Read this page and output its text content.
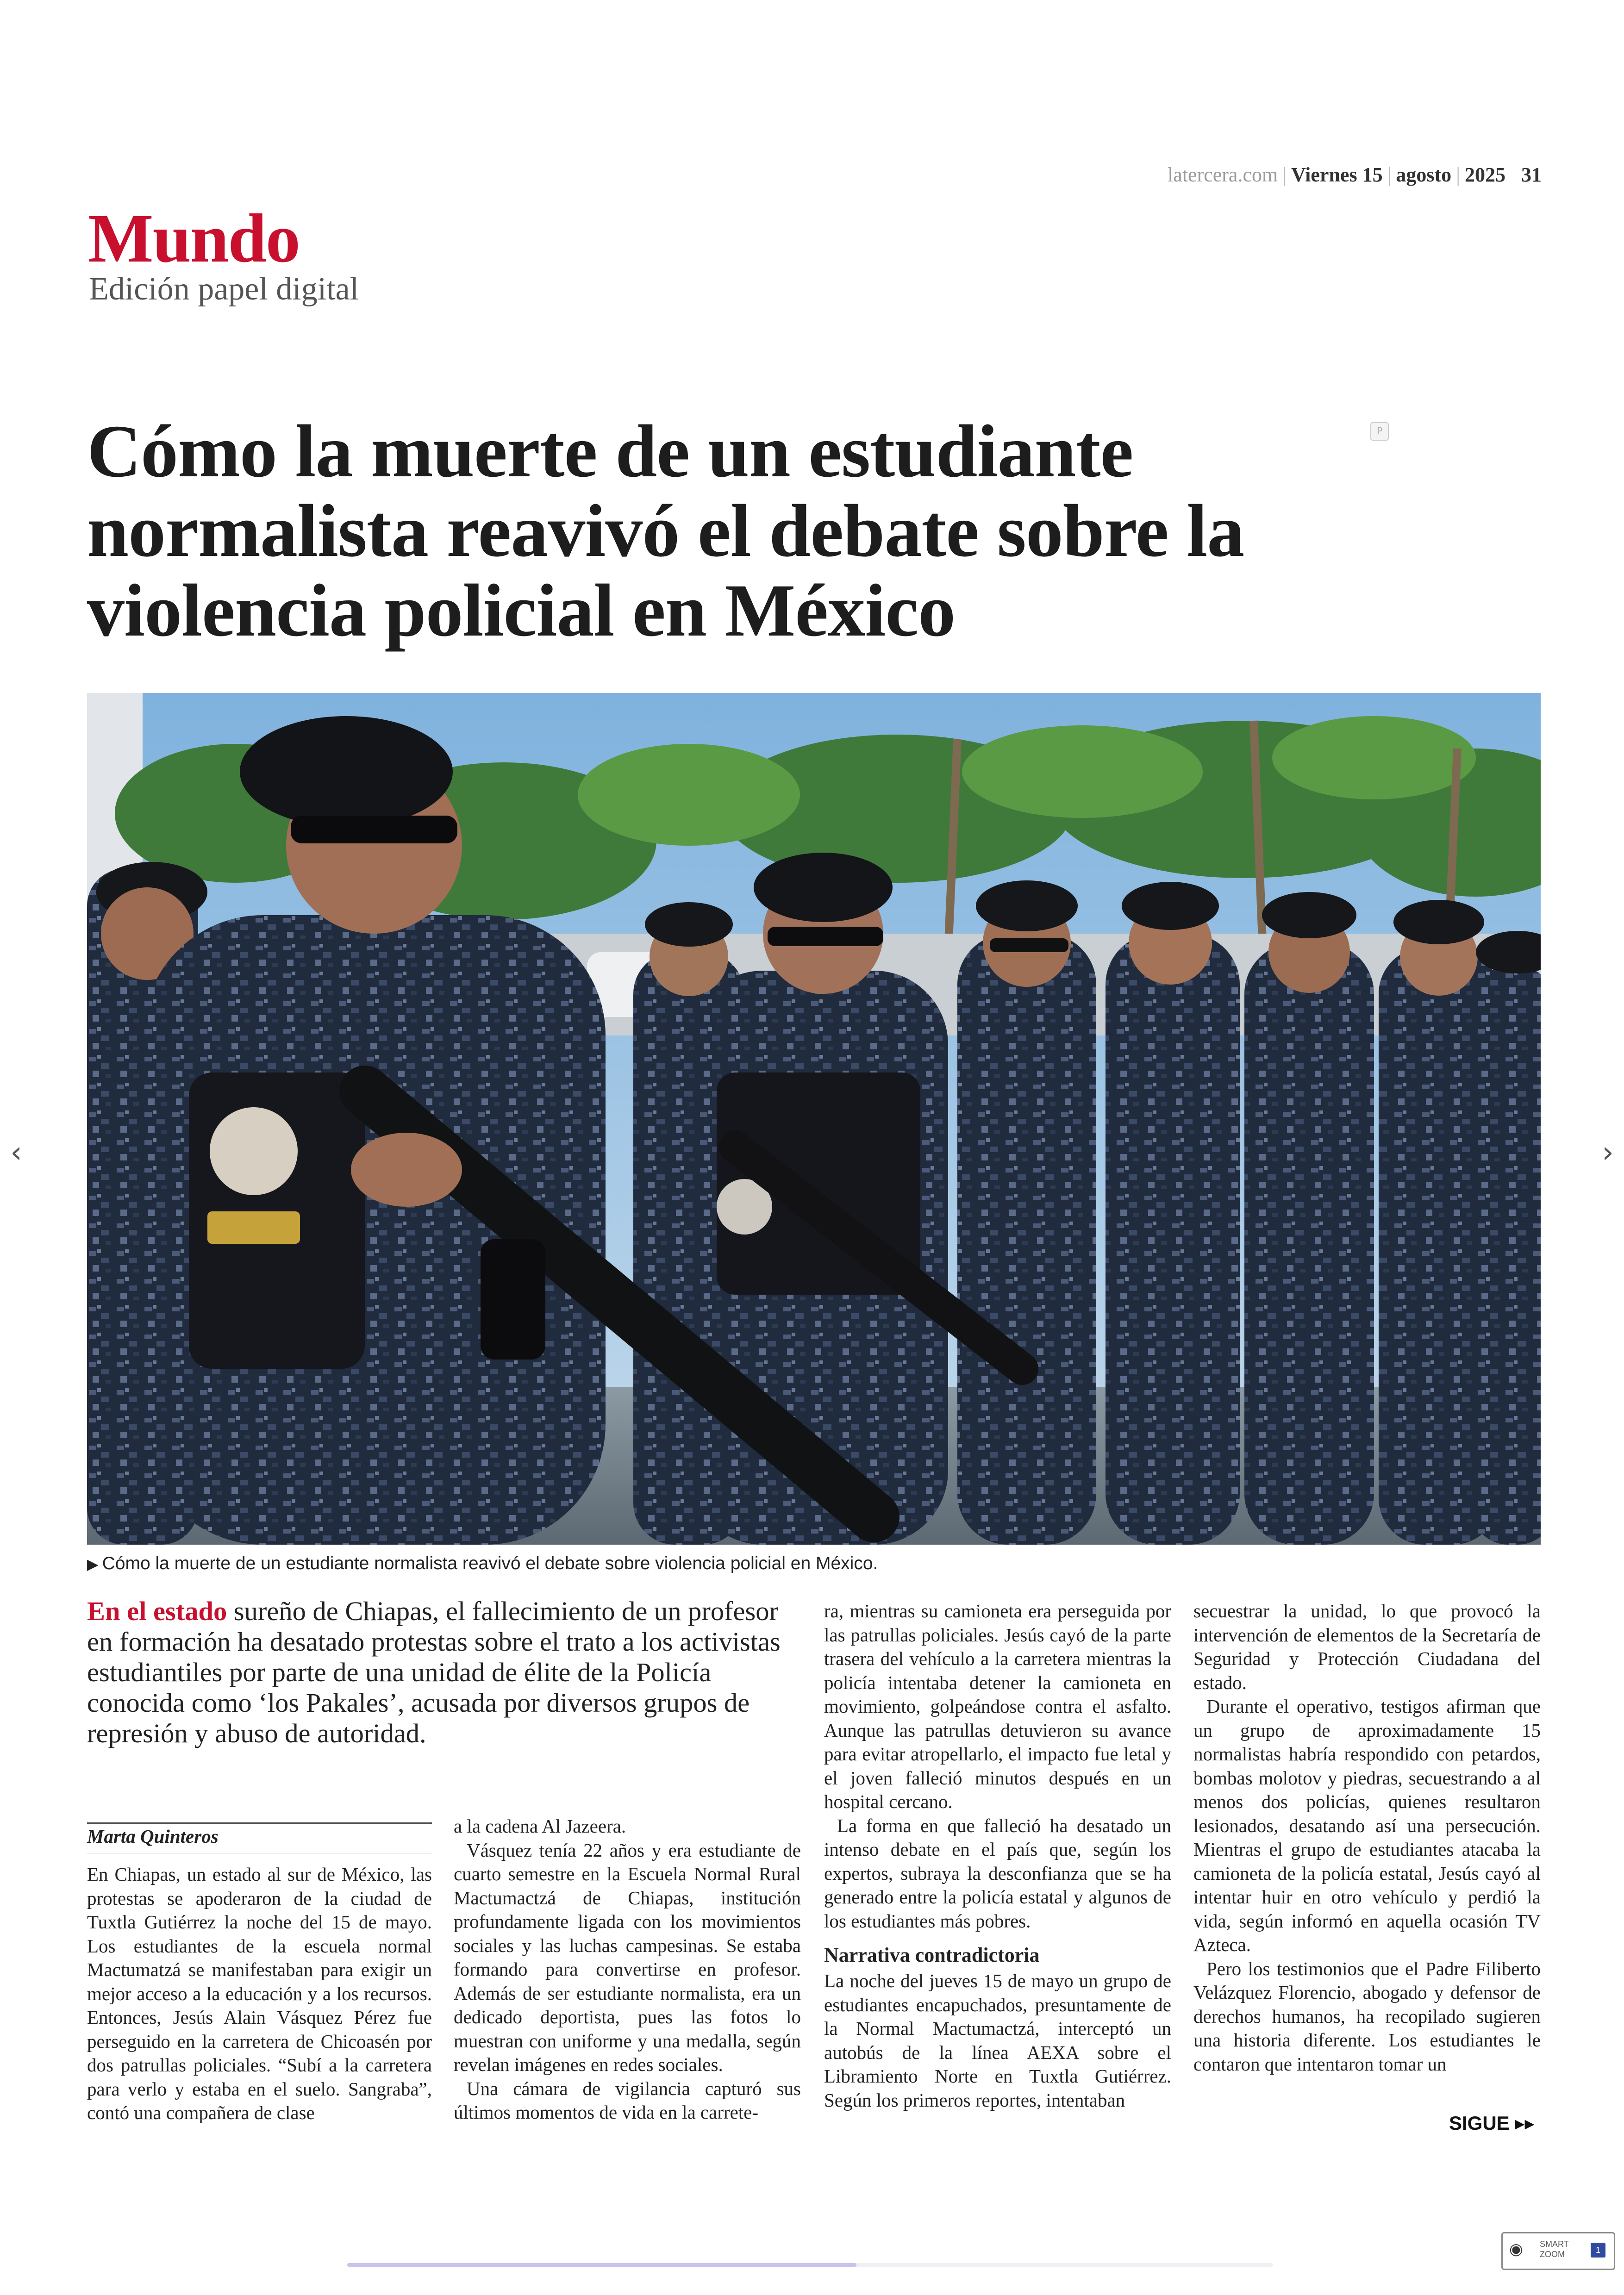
latercera.com | Viernes 15 | agosto | 2025 31
Mundo
Edición papel digital
P
Cómo la muerte de un estudiante normalista reavivó el debate sobre la violencia policial en México
‹	›
▶ Cómo la muerte de un estudiante normalista reavivó el debate sobre violencia policial en México.
En el estado sureño de Chiapas, el fallecimiento de un profesor en formación ha desatado protestas sobre el trato a los activistas estudiantiles por parte de una unidad de élite de la Policía conocida como ‘los Pakales’, acusada por diversos grupos de represión y abuso de autoridad.
Marta Quinteros

En Chiapas, un estado al sur de México, las protestas se apoderaron de la ciudad de Tuxtla Gutiérrez la noche del 15 de mayo. Los estudiantes de la escuela normal Mactumatzá se manifestaban para exigir un mejor acceso a la educación y a los recursos. Entonces, Jesús Alain Vásquez Pérez fue perseguido en la carretera de Chicoasén por dos patrullas policiales. “Subí a la carretera para verlo y estaba en el suelo. Sangraba”, contó una compañera de clase

a la cadena Al Jazeera.

Vásquez tenía 22 años y era estudiante de cuarto semestre en la Escuela Normal Rural Mactumactzá de Chiapas, institución profundamente ligada con los movimientos sociales y las luchas campesinas. Se estaba formando para convertirse en profesor. Además de ser estudiante normalista, era un dedicado deportista, pues las fotos lo muestran con uniforme y una medalla, según revelan imágenes en redes sociales.

Una cámara de vigilancia capturó sus últimos momentos de vida en la carrete-

ra, mientras su camioneta era perseguida por las patrullas policiales. Jesús cayó de la parte trasera del vehículo a la carretera mientras la policía intentaba detener la camioneta en movimiento, golpeándose contra el asfalto. Aunque las patrullas detuvieron su avance para evitar atropellarlo, el impacto fue letal y el joven falleció minutos después en un hospital cercano.

La forma en que falleció ha desatado un intenso debate en el país que, según los expertos, subraya la desconfianza que se ha generado entre la policía estatal y algunos de los estudiantes más pobres.

Narrativa contradictoria

La noche del jueves 15 de mayo un grupo de estudiantes encapuchados, presuntamente de la Normal Mactumactzá, interceptó un autobús de la línea AEXA sobre el Libramiento Norte en Tuxtla Gutiérrez. Según los primeros reportes, intentaban

secuestrar la unidad, lo que provocó la intervención de elementos de la Secretaría de Seguridad y Protección Ciudadana del estado.

Durante el operativo, testigos afirman que un grupo de aproximadamente 15 normalistas habría respondido con petardos, bombas molotov y piedras, secuestrando a al menos dos policías, quienes resultaron lesionados, desatando así una persecución. Mientras el grupo de estudiantes atacaba la camioneta de la policía estatal, Jesús cayó al intentar huir en otro vehículo y perdió la vida, según informó en aquella ocasión TV Azteca.

Pero los testimonios que el Padre Filiberto Velázquez Florencio, abogado y defensor de derechos humanos, ha recopilado sugieren una historia diferente. Los estudiantes le contaron que intentaron tomar un

SIGUE ▸▸
◉	SMART ZOOM	1
